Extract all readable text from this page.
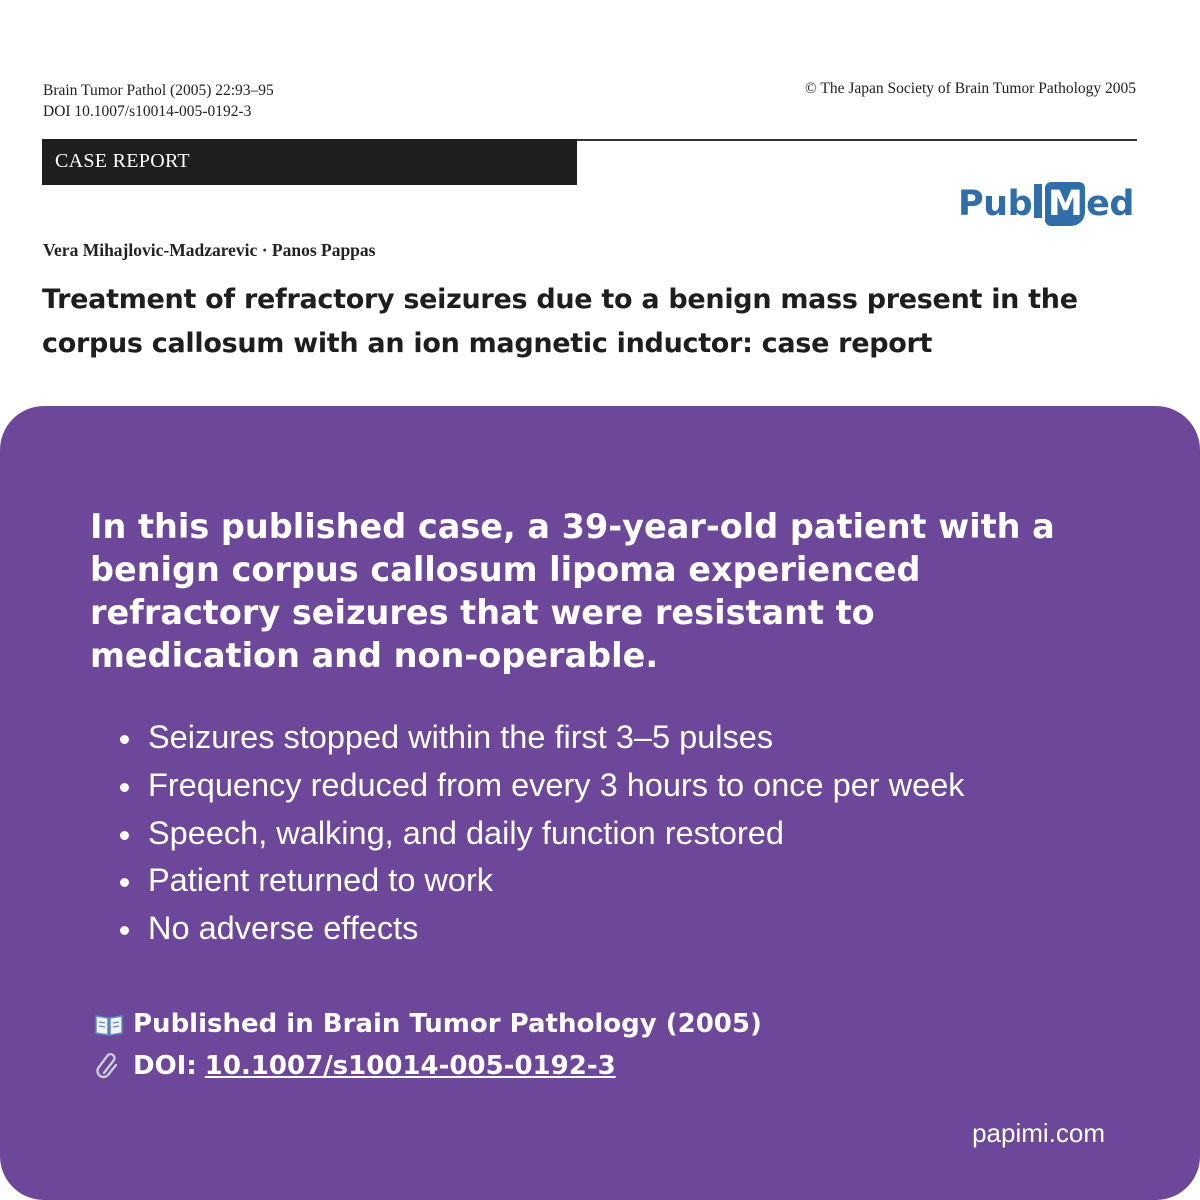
Brain Tumor Pathol (2005) 22:93–95
DOI 10.1007/s10014-005-0192-3
© The Japan Society of Brain Tumor Pathology 2005
CASE REPORT
Pub M ed
Vera Mihajlovic-Madzarevic · Panos Pappas
Treatment of refractory seizures due to a benign mass present in the
corpus callosum with an ion magnetic inductor: case report

In this published case, a 39-year-old patient with a benign corpus callosum lipoma experienced refractory seizures that were resistant to medication and non-operable.

Seizures stopped within the first 3–5 pulses
Frequency reduced from every 3 hours to once per week
Speech, walking, and daily function restored
Patient returned to work
No adverse effects
Published in Brain Tumor Pathology (2005)
DOI: 10.1007/s10014-005-0192-3
papimi.com
